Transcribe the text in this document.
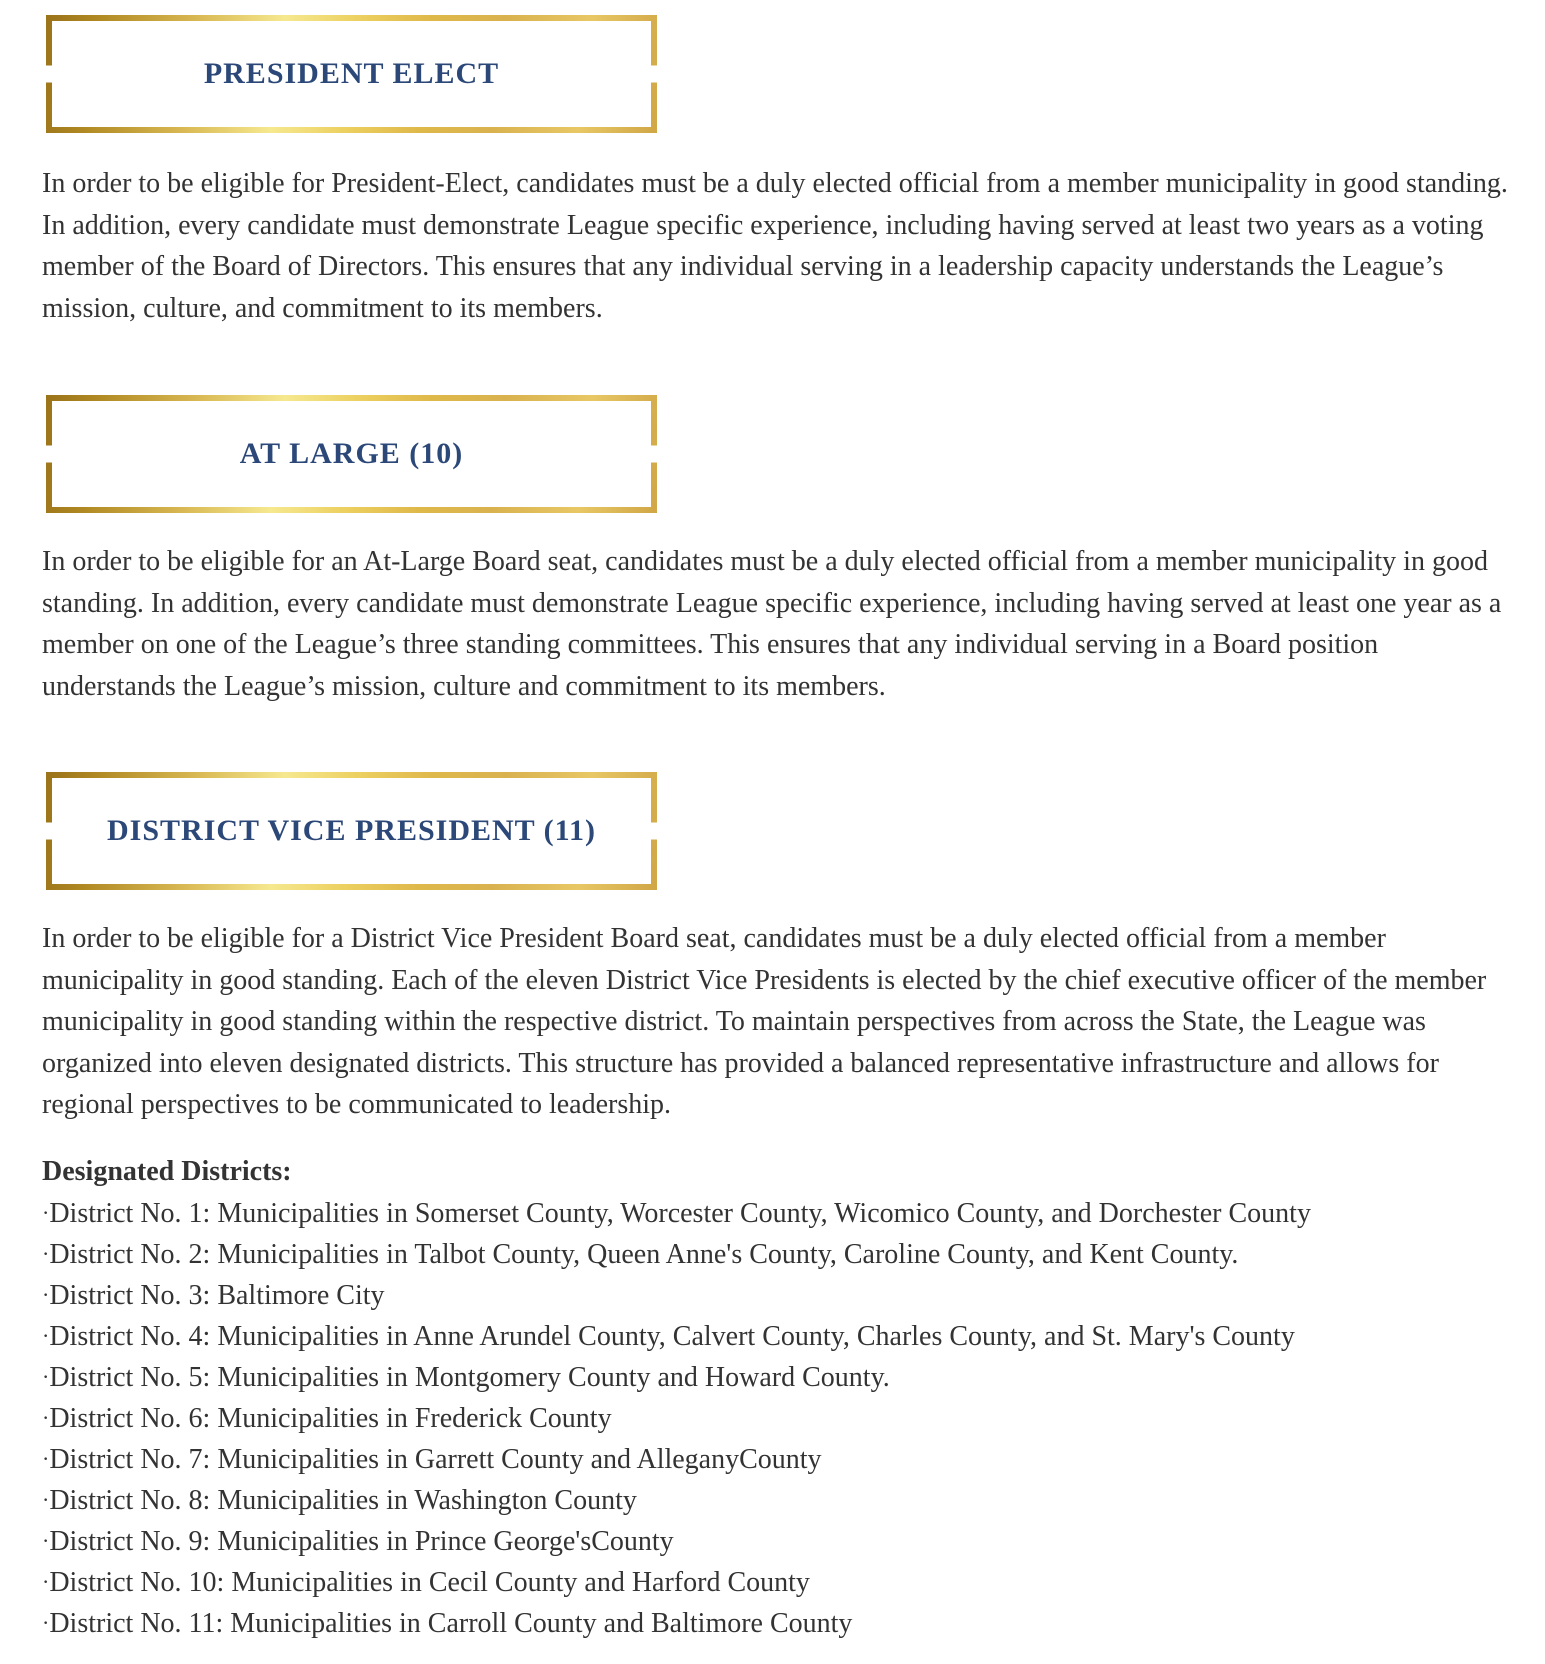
PRESIDENT ELECT

In order to be eligible for President-Elect, candidates must be a duly elected official from a member municipality in good standing. In addition, every candidate must demonstrate League specific experience, including having served at least two years as a voting member of the Board of Directors. This ensures that any individual serving in a leadership capacity understands the League’s mission, culture, and commitment to its members.

AT LARGE (10)

In order to be eligible for an At-Large Board seat, candidates must be a duly elected official from a member municipality in good standing. In addition, every candidate must demonstrate League specific experience, including having served at least one year as a member on one of the League’s three standing committees. This ensures that any individual serving in a Board position understands the League’s mission, culture and commitment to its members.

DISTRICT VICE PRESIDENT (11)

In order to be eligible for a District Vice President Board seat, candidates must be a duly elected official from a member municipality in good standing. Each of the eleven District Vice Presidents is elected by the chief executive officer of the member municipality in good standing within the respective district. To maintain perspectives from across the State, the League was organized into eleven designated districts. This structure has provided a balanced representative infrastructure and allows for regional perspectives to be communicated to leadership.

Designated Districts:

·District No. 1: Municipalities in Somerset County, Worcester County, Wicomico County, and Dorchester County
·District No. 2: Municipalities in Talbot County, Queen Anne's County, Caroline County, and Kent County.
·District No. 3: Baltimore City
·District No. 4: Municipalities in Anne Arundel County, Calvert County, Charles County, and St. Mary's County
·District No. 5: Municipalities in Montgomery County and Howard County.
·District No. 6: Municipalities in Frederick County
·District No. 7: Municipalities in Garrett County and AlleganyCounty
·District No. 8: Municipalities in Washington County
·District No. 9: Municipalities in Prince George'sCounty
·District No. 10: Municipalities in Cecil County and Harford County
·District No. 11: Municipalities in Carroll County and Baltimore County
